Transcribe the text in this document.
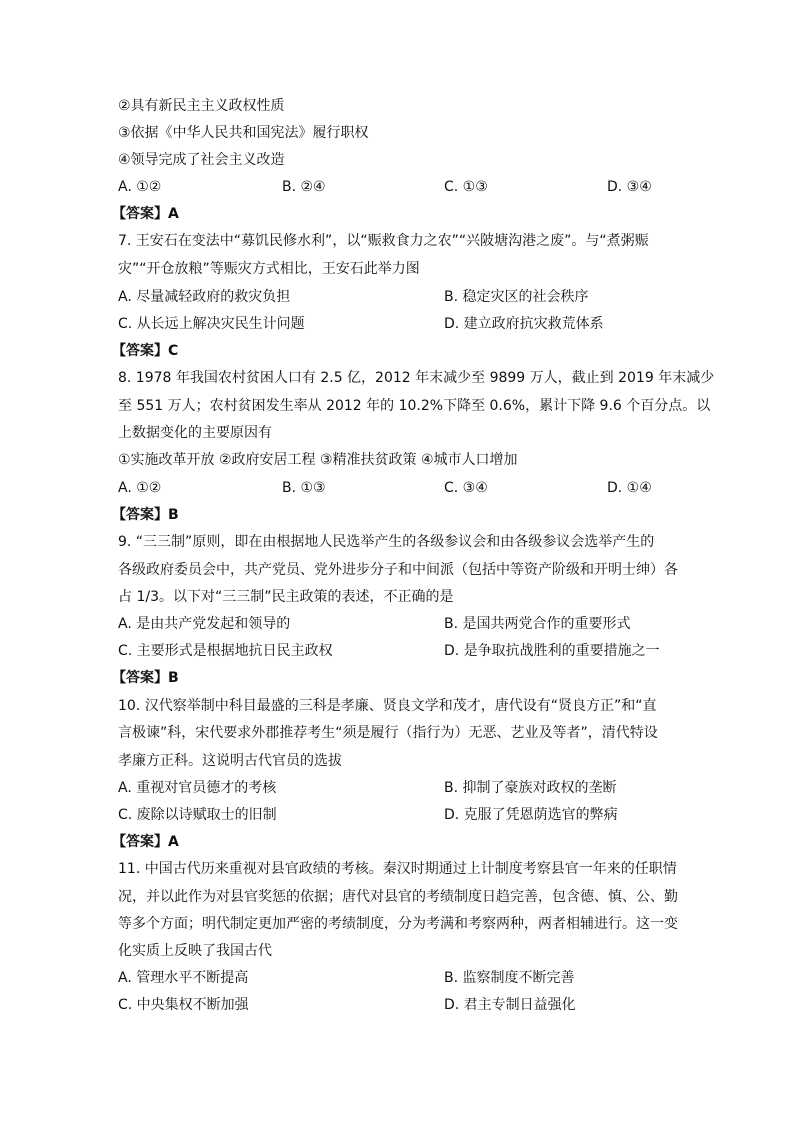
②具有新民主主义政权性质
③依据《中华人民共和国宪法》履行职权
④领导完成了社会主义改造
A. ①②	B. ②④	C. ①③	D. ③④
【答案】A
7. 王安石在变法中“募饥民修水利”，以“赈救食力之农”“兴陂塘沟港之废”。与“煮粥赈
灾”“开仓放粮”等赈灾方式相比，王安石此举力图
A. 尽量减轻政府的救灾负担	B. 稳定灾区的社会秩序
C. 从长远上解决灾民生计问题	D. 建立政府抗灾救荒体系
【答案】C
8. 1978 年我国农村贫困人口有 2.5 亿，2012 年末减少至 9899 万人，截止到 2019 年末减少
至 551 万人；农村贫困发生率从 2012 年的 10.2%下降至 0.6%，累计下降 9.6 个百分点。以
上数据变化的主要原因有
①实施改革开放 ②政府安居工程 ③精准扶贫政策 ④城市人口增加
A. ①②	B. ①③	C. ③④	D. ①④
【答案】B
9. “三三制”原则，即在由根据地人民选举产生的各级参议会和由各级参议会选举产生的
各级政府委员会中，共产党员、党外进步分子和中间派（包括中等资产阶级和开明士绅）各
占 1/3。以下对“三三制”民主政策的表述，不正确的是
A. 是由共产党发起和领导的	B. 是国共两党合作的重要形式
C. 主要形式是根据地抗日民主政权	D. 是争取抗战胜利的重要措施之一
【答案】B
10. 汉代察举制中科目最盛的三科是孝廉、贤良文学和茂才，唐代设有“贤良方正”和“直
言极谏”科，宋代要求外郡推荐考生“须是履行（指行为）无恶、艺业及等者”，清代特设
孝廉方正科。这说明古代官员的选拔
A. 重视对官员德才的考核	B. 抑制了豪族对政权的垄断
C. 废除以诗赋取士的旧制	D. 克服了凭恩荫选官的弊病
【答案】A
11. 中国古代历来重视对县官政绩的考核。秦汉时期通过上计制度考察县官一年来的任职情
况，并以此作为对县官奖惩的依据；唐代对县官的考绩制度日趋完善，包含德、慎、公、勤
等多个方面；明代制定更加严密的考绩制度，分为考满和考察两种，两者相辅进行。这一变
化实质上反映了我国古代
A. 管理水平不断提高	B. 监察制度不断完善
C. 中央集权不断加强	D. 君主专制日益强化
